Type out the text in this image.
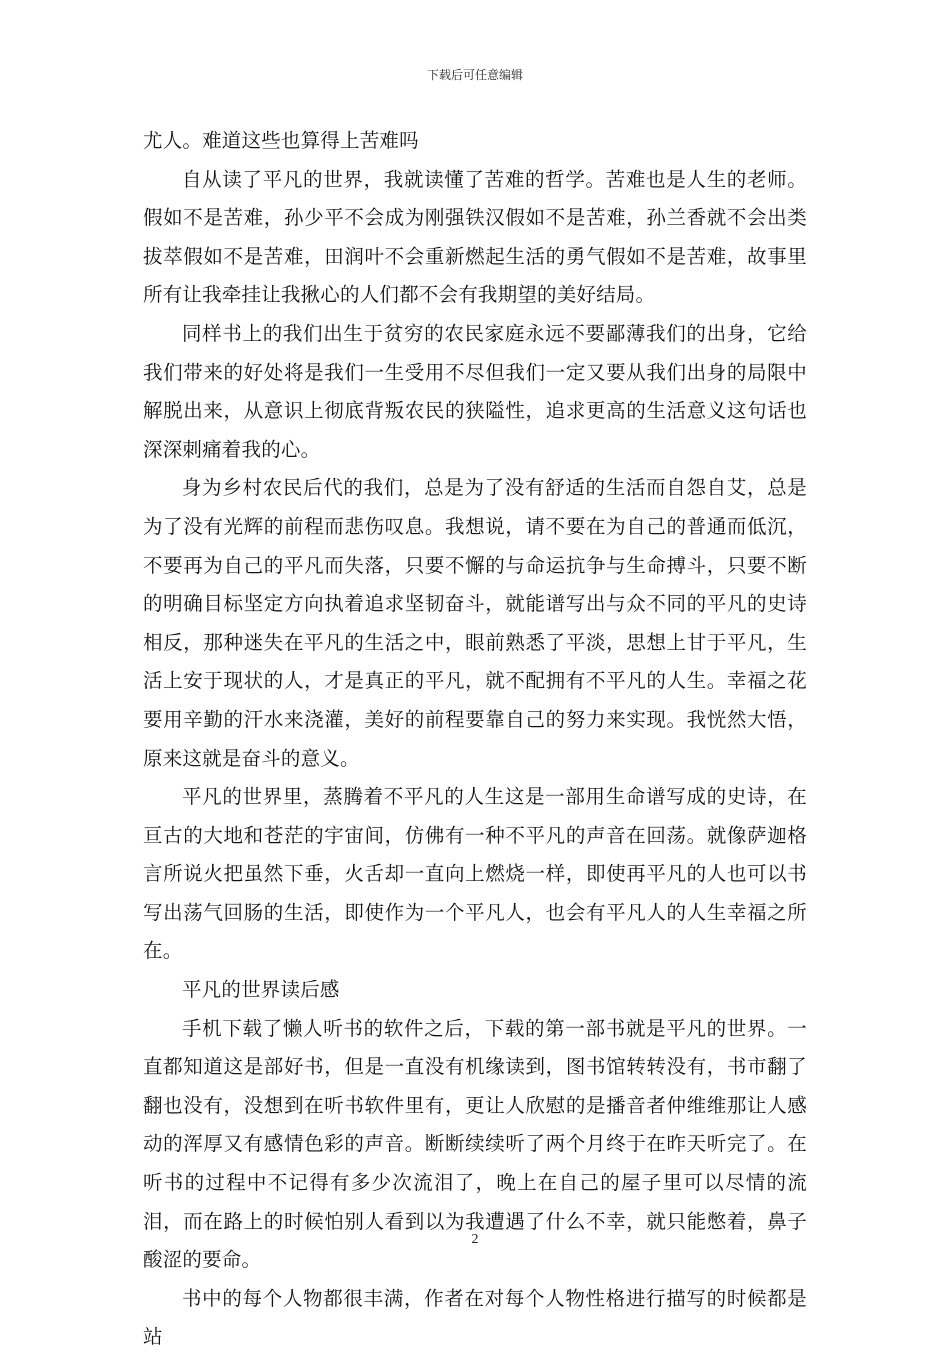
下载后可任意编辑

尤人。难道这些也算得上苦难吗

自从读了平凡的世界，我就读懂了苦难的哲学。苦难也是人生的老师。假如不是苦难，孙少平不会成为刚强铁汉假如不是苦难，孙兰香就不会出类拔萃假如不是苦难，田润叶不会重新燃起生活的勇气假如不是苦难，故事里所有让我牵挂让我揪心的人们都不会有我期望的美好结局。

同样书上的我们出生于贫穷的农民家庭永远不要鄙薄我们的出身，它给我们带来的好处将是我们一生受用不尽但我们一定又要从我们出身的局限中解脱出来，从意识上彻底背叛农民的狭隘性，追求更高的生活意义这句话也深深刺痛着我的心。

身为乡村农民后代的我们，总是为了没有舒适的生活而自怨自艾，总是为了没有光辉的前程而悲伤叹息。我想说，请不要在为自己的普通而低沉，不要再为自己的平凡而失落，只要不懈的与命运抗争与生命搏斗，只要不断的明确目标坚定方向执着追求坚韧奋斗，就能谱写出与众不同的平凡的史诗相反，那种迷失在平凡的生活之中，眼前熟悉了平淡，思想上甘于平凡，生活上安于现状的人，才是真正的平凡，就不配拥有不平凡的人生。幸福之花要用辛勤的汗水来浇灌，美好的前程要靠自己的努力来实现。我恍然大悟，原来这就是奋斗的意义。

平凡的世界里，蒸腾着不平凡的人生这是一部用生命谱写成的史诗，在亘古的大地和苍茫的宇宙间，仿佛有一种不平凡的声音在回荡。就像萨迦格言所说火把虽然下垂，火舌却一直向上燃烧一样，即使再平凡的人也可以书写出荡气回肠的生活，即使作为一个平凡人，也会有平凡人的人生幸福之所在。

平凡的世界读后感

手机下载了懒人听书的软件之后，下载的第一部书就是平凡的世界。一直都知道这是部好书，但是一直没有机缘读到，图书馆转转没有，书市翻了翻也没有，没想到在听书软件里有，更让人欣慰的是播音者仲维维那让人感动的浑厚又有感情色彩的声音。断断续续听了两个月终于在昨天听完了。在听书的过程中不记得有多少次流泪了，晚上在自己的屋子里可以尽情的流泪，而在路上的时候怕别人看到以为我遭遇了什么不幸，就只能憋着，鼻子酸涩的要命。

书中的每个人物都很丰满，作者在对每个人物性格进行描写的时候都是站

2
